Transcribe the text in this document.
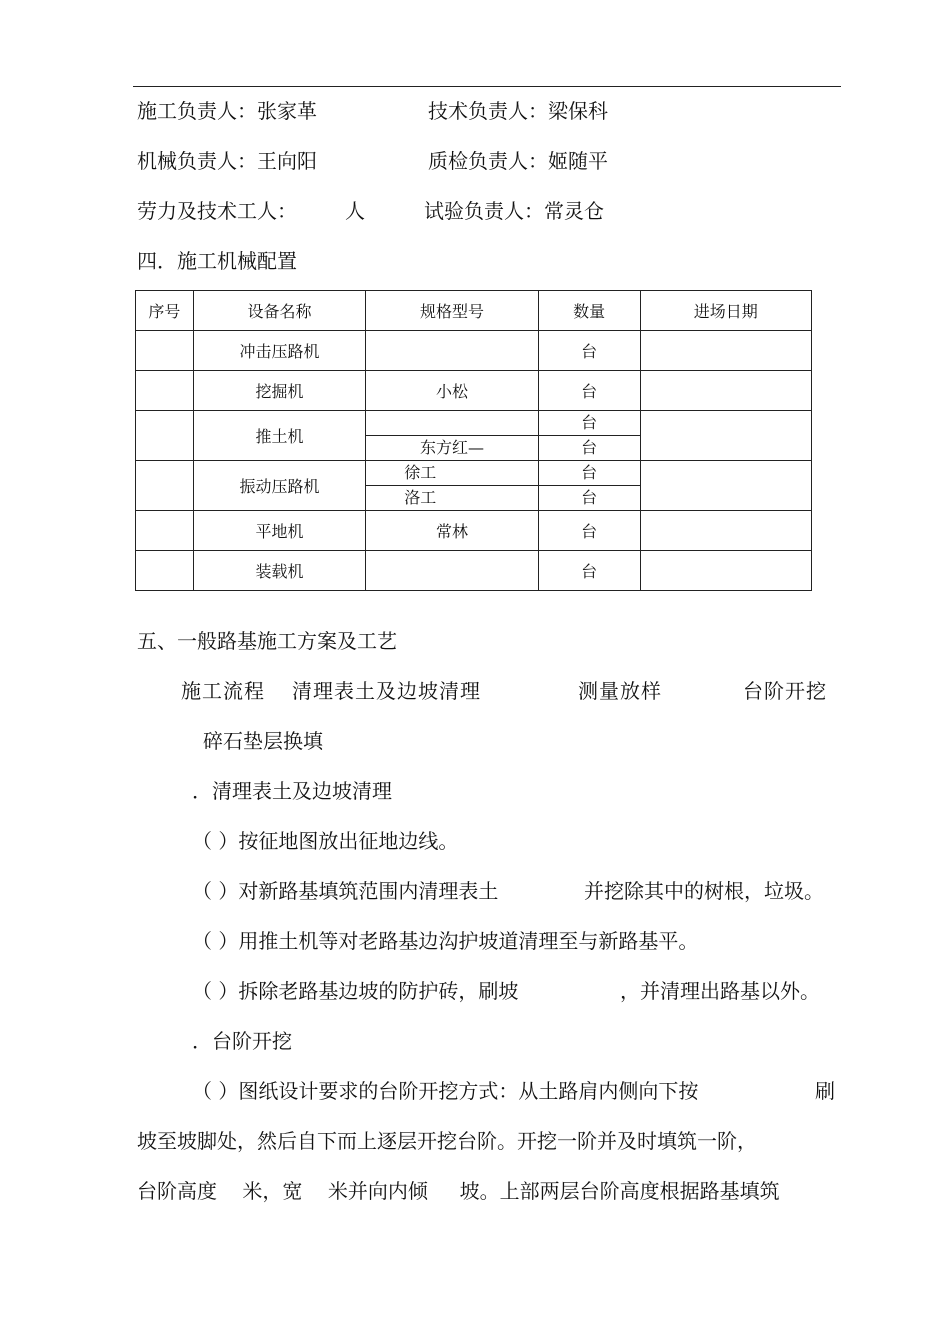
施工负责人：张家革	技术负责人：梁保科
机械负责人：王向阳	质检负责人：姬随平
劳力及技术工人： 人	试验负责人：常灵仓
四．施工机械配置
序号	设备名称	规格型号	数量	进场日期
	冲击压路机		台	
	挖掘机	小松	台	
	推土机		台	
		东方红—	台	
	振动压路机	徐工	台	
		洛工	台	
	平地机	常林	台	
	装载机		台	
五、一般路基施工方案及工艺
施工流程 清理表土及边坡清理	测量放样	台阶开挖
碎石垫层换填
．清理表土及边坡清理
（ ）按征地图放出征地边线。
（ ）对新路基填筑范围内清理表土	并挖除其中的树根，垃圾。
（ ）用推土机等对老路基边沟护坡道清理至与新路基平。
（ ）拆除老路基边坡的防护砖，刷坡	，并清理出路基以外。
．台阶开挖
（ ）图纸设计要求的台阶开挖方式：从土路肩内侧向下按	刷
坡至坡脚处，然后自下而上逐层开挖台阶。开挖一阶并及时填筑一阶，
台阶高度    米，宽    米并向内倾     坡。上部两层台阶高度根据路基填筑
